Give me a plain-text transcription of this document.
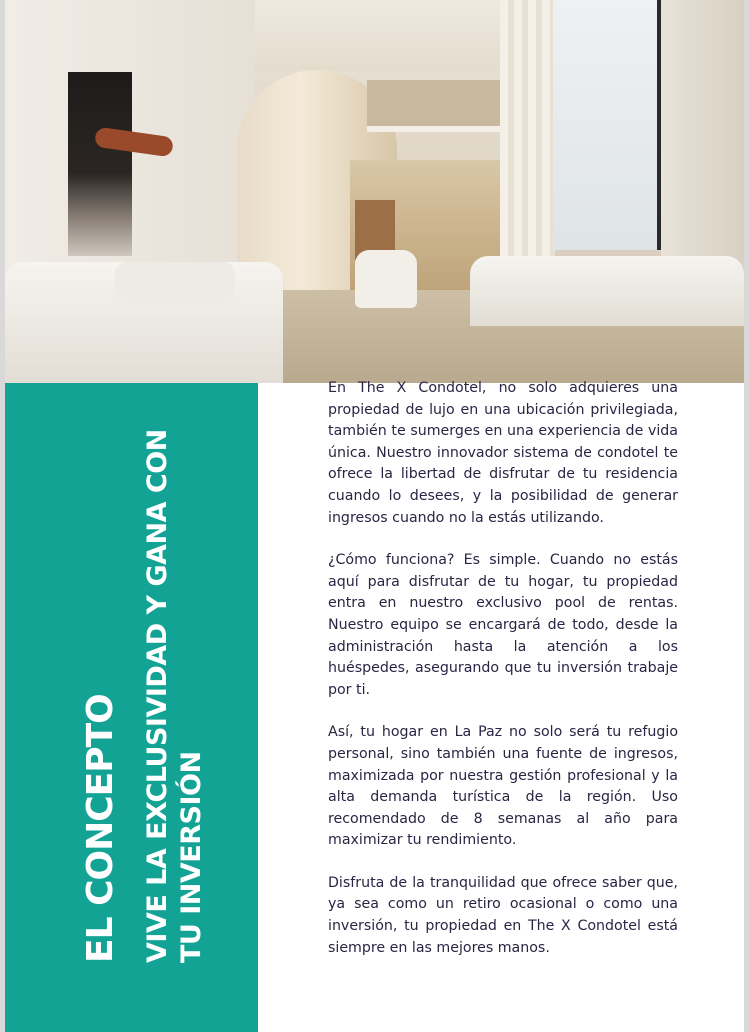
EL CONCEPTO VIVE LA EXCLUSIVIDAD Y GANA CON TU INVERSIÓN

En The X Condotel, no solo adquieres una propiedad de lujo en una ubicación privilegiada, también te sumerges en una experiencia de vida única. Nuestro innovador sistema de condotel te ofrece la libertad de disfrutar de tu residencia cuando lo desees, y la posibilidad de generar ingresos cuando no la estás utilizando.

¿Cómo funciona? Es simple. Cuando no estás aquí para disfrutar de tu hogar, tu propiedad entra en nuestro exclusivo pool de rentas. Nuestro equipo se encargará de todo, desde la administración hasta la atención a los huéspedes, asegurando que tu inversión trabaje por ti.

Así, tu hogar en La Paz no solo será tu refugio personal, sino también una fuente de ingresos, maximizada por nuestra gestión profesional y la alta demanda turística de la región. Uso recomendado de 8 semanas al año para maximizar tu rendimiento.

Disfruta de la tranquilidad que ofrece saber que, ya sea como un retiro ocasional o como una inversión, tu propiedad en The X Condotel está siempre en las mejores manos.
